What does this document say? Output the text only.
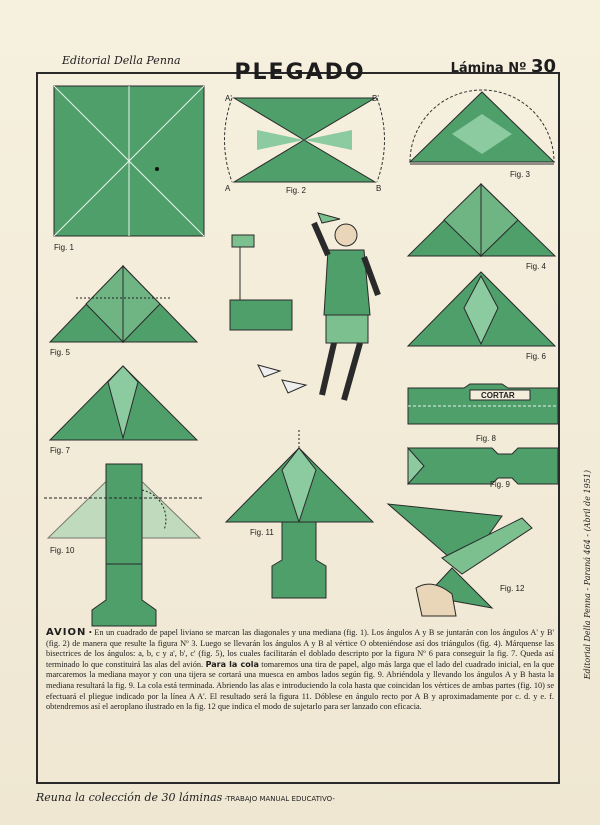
Editorial Della Penna	PLEGADO	Lámina Nº 30
Fig. 1
Fig. 2
A'	B'
A	B
Fig. 3
Fig. 4
Fig. 5	Fig. 6
Fig. 7
CORTAR
Fig. 8
Fig. 9
Fig. 10
Fig. 11
Fig. 12	Editorial Della Penna - Paraná 464 - (Abril de 1951)
AVION • En un cuadrado de papel liviano se marcan las diagonales y una mediana (fig. 1). Los ángulos A y B se juntarán con los ángulos A' y B' (fig. 2) de manera que resulte la figura Nº 3. Luego se llevarán los ángulos A y B al vértice O obteniéndose así dos triángulos (fig. 4). Márquense las bisectrices de los ángulos: a, b, c y a', b', c' (fig. 5), los cuales facilitarán el doblado descripto por la figura Nº 6 para conseguir la fig. 7. Queda así terminado lo que constituirá las alas del avión. Para la cola tomaremos una tira de papel, algo más larga que el lado del cuadrado inicial, en la que marcaremos la mediana mayor y con una tijera se cortará una muesca en ambos lados según fig. 9. Abriéndola y llevando los ángulos A y B hasta la mediana resultará la fig. 9. La cola está terminada. Abriendo las alas e introduciendo la cola hasta que coincidan los vértices de ambas partes (fig. 10) se efectuará el pliegue indicado por la línea A A'. El resultado será la figura 11. Dóblese en ángulo recto por A B y aproximadamente por c. d. y e. f. obtendremos así el aeroplano ilustrado en la fig. 12 que indica el modo de sujetarlo para ser lanzado con eficacia.
Reuna la colección de 30 láminas -TRABAJO MANUAL EDUCATIVO-
